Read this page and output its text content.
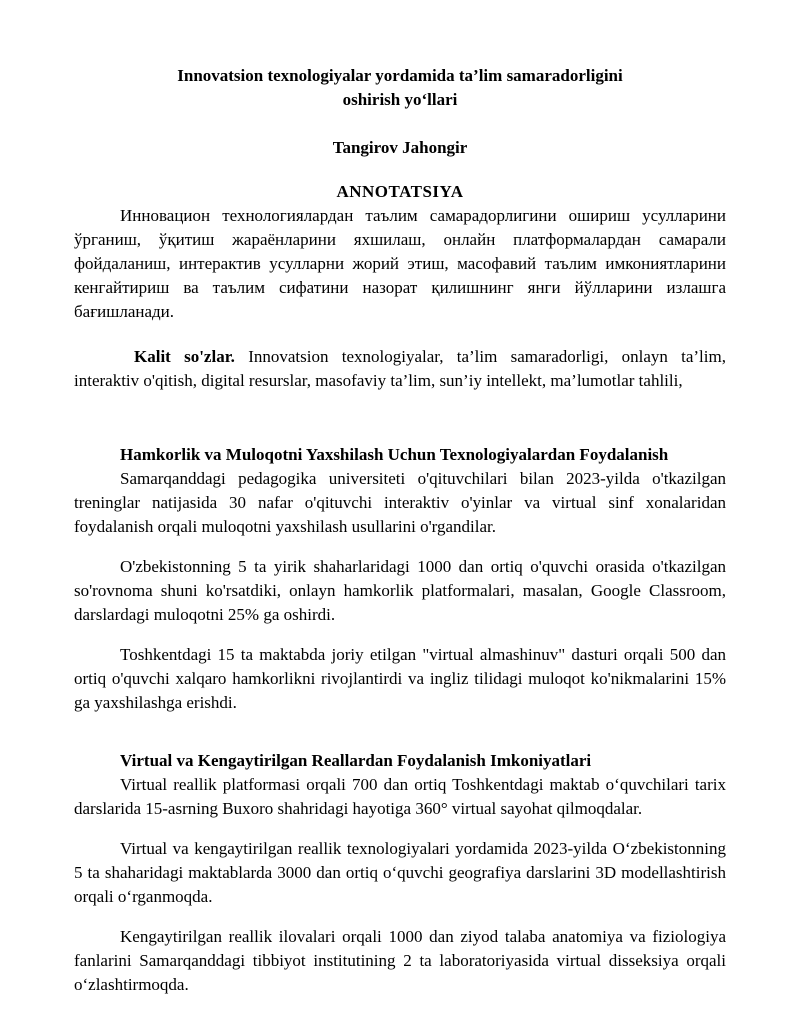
Innovatsion texnologiyalar yordamida ta’lim samaradorligini
oshirish yo‘llari

Tangirov Jahongir

ANNOTATSIYA

Инновацион технологиялардан таълим самарадорлигини ошириш усулларини ўрганиш, ўқитиш жараёнларини яхшилаш, онлайн платформалардан самарали фойдаланиш, интерактив усулларни жорий этиш, масофавий таълим имкониятларини кенгайтириш ва таълим сифатини назорат қилишнинг янги йўлларини излашга бағишланади.

Kalit so'zlar. Innovatsion texnologiyalar, ta’lim samaradorligi, onlayn ta’lim, interaktiv o'qitish, digital resurslar, masofaviy ta’lim, sun’iy intellekt, ma’lumotlar tahlili,

Hamkorlik va Muloqotni Yaxshilash Uchun Texnologiyalardan Foydalanish

Samarqanddagi pedagogika universiteti o'qituvchilari bilan 2023-yilda o'tkazilgan treninglar natijasida 30 nafar o'qituvchi interaktiv o'yinlar va virtual sinf xonalaridan foydalanish orqali muloqotni yaxshilash usullarini o'rgandilar.

O'zbekistonning 5 ta yirik shaharlaridagi 1000 dan ortiq o'quvchi orasida o'tkazilgan so'rovnoma shuni ko'rsatdiki, onlayn hamkorlik platformalari, masalan, Google Classroom, darslardagi muloqotni 25% ga oshirdi.

Toshkentdagi 15 ta maktabda joriy etilgan "virtual almashinuv" dasturi orqali 500 dan ortiq o'quvchi xalqaro hamkorlikni rivojlantirdi va ingliz tilidagi muloqot ko'nikmalarini 15% ga yaxshilashga erishdi.

Virtual va Kengaytirilgan Reallardan Foydalanish Imkoniyatlari

Virtual reallik platformasi orqali 700 dan ortiq Toshkentdagi maktab o‘quvchilari tarix darslarida 15-asrning Buxoro shahridagi hayotiga 360° virtual sayohat qilmoqdalar.

Virtual va kengaytirilgan reallik texnologiyalari yordamida 2023-yilda O‘zbekistonning 5 ta shaharidagi maktablarda 3000 dan ortiq o‘quvchi geografiya darslarini 3D modellashtirish orqali o‘rganmoqda.

Kengaytirilgan reallik ilovalari orqali 1000 dan ziyod talaba anatomiya va fiziologiya fanlarini Samarqanddagi tibbiyot institutining 2 ta laboratoriyasida virtual disseksiya orqali o‘zlashtirmoqda.
